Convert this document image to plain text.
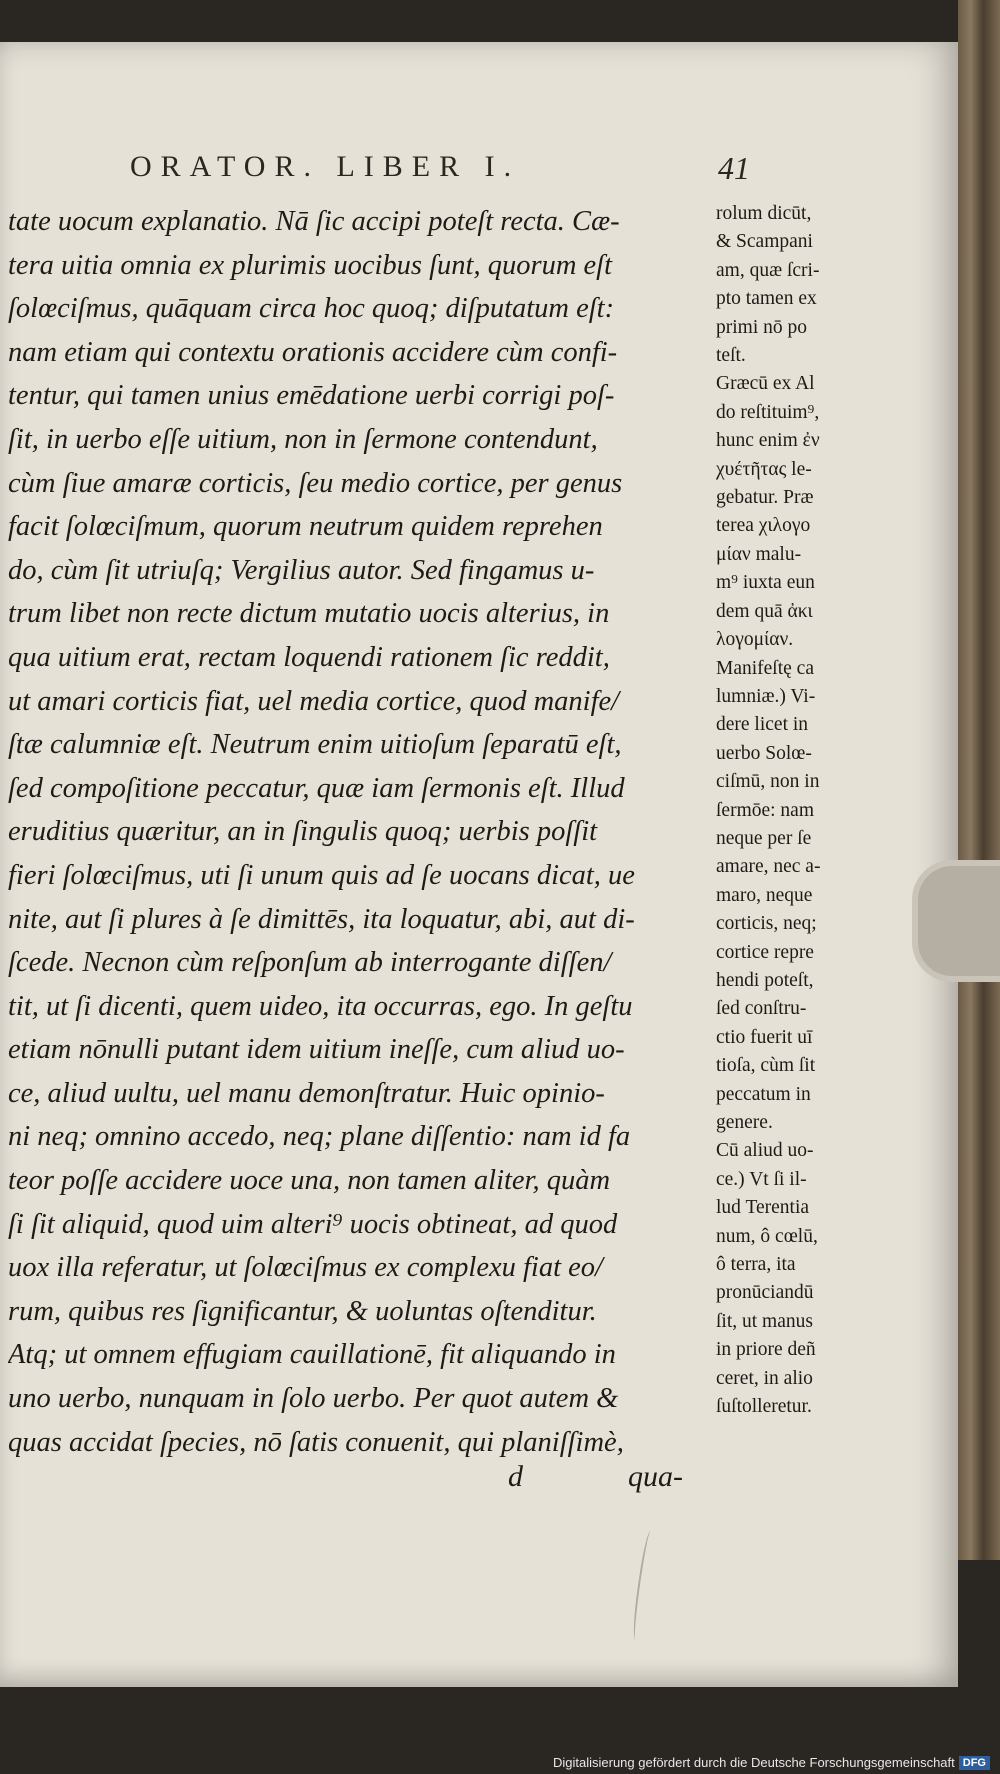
ORATOR. LIBER I.	41
tate uocum explanatio. Nā ſic accipi poteſt recta. Cæ-
tera uitia omnia ex plurimis uocibus ſunt, quorum eſt
ſolœciſmus, quāquam circa hoc quoq; diſputatum eſt:
nam etiam qui contextu orationis accidere cùm confi-
tentur, qui tamen unius emēdatione uerbi corrigi poſ-
ſit, in uerbo eſſe uitium, non in ſermone contendunt,
cùm ſiue amaræ corticis, ſeu medio cortice, per genus
facit ſolœciſmum, quorum neutrum quidem reprehen
do, cùm ſit utriuſq; Vergilius autor. Sed fingamus u-
trum libet non recte dictum mutatio uocis alterius, in
qua uitium erat, rectam loquendi rationem ſic reddit,
ut amari corticis fiat, uel media cortice, quod manife/
ſtæ calumniæ eſt. Neutrum enim uitioſum ſeparatū eſt,
ſed compoſitione peccatur, quæ iam ſermonis eſt. Illud
eruditius quæritur, an in ſingulis quoq; uerbis poſſit
fieri ſolœciſmus, uti ſi unum quis ad ſe uocans dicat, ue
nite, aut ſi plures à ſe dimittēs, ita loquatur, abi, aut di-
ſcede. Necnon cùm reſponſum ab interrogante diſſen/
tit, ut ſi dicenti, quem uideo, ita occurras, ego. In geſtu
etiam nōnulli putant idem uitium ineſſe, cum aliud uo-
ce, aliud uultu, uel manu demonſtratur. Huic opinio-
ni neq; omnino accedo, neq; plane diſſentio: nam id fa
teor poſſe accidere uoce una, non tamen aliter, quàm
ſi ſit aliquid, quod uim alteri⁹ uocis obtineat, ad quod
uox illa referatur, ut ſolœciſmus ex complexu fiat eo/
rum, quibus res ſignificantur, & uoluntas oſtenditur.
Atq; ut omnem effugiam cauillationē, fit aliquando in
uno uerbo, nunquam in ſolo uerbo. Per quot autem &
quas accidat ſpecies, nō ſatis conuenit, qui planiſſimè,
rolum dicūt,
& Scampani
am, quæ ſcri-
pto tamen ex
primi nō po
teſt.
Græcū ex Al
do reſtituim⁹,
hunc enim ἐν
χυέτῆτας le-
gebatur. Præ
terea χιλογο
μίαν malu-
m⁹ iuxta eun
dem quā ἀκι
λογομίαν.
Manifeſtę ca
lumniæ.) Vi-
dere licet in
uerbo Solœ-
ciſmū, non in
ſermōe: nam
neque per ſe
amare, nec a-
maro, neque
corticis, neq;
cortice repre
hendi poteſt,
ſed conſtru-
ctio fuerit uī
tioſa, cùm ſit
peccatum in
genere.
Cū aliud uo-
ce.) Vt ſi il-
lud Terentia
num, ô cœlū,
ô terra, ita
pronūciandū
ſit, ut manus
in priore deñ
ceret, in alio
ſuſtolleretur.
d	qua-
Digitalisierung gefördert durch die Deutsche Forschungsgemeinschaft DFG
